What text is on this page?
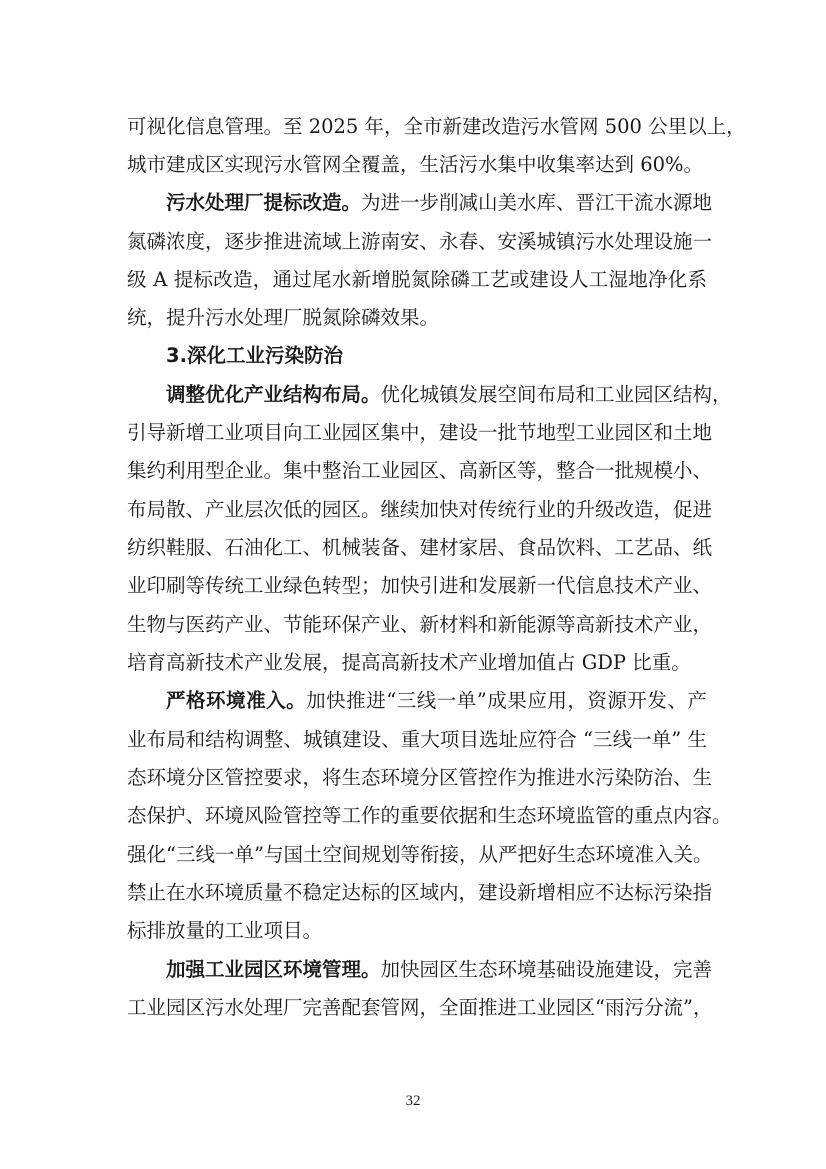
可视化信息管理。至 2025 年，全市新建改造污水管网 500 公里以上，
城市建成区实现污水管网全覆盖，生活污水集中收集率达到 60%。
污水处理厂提标改造。为进一步削减山美水库、晋江干流水源地
氮磷浓度，逐步推进流域上游南安、永春、安溪城镇污水处理设施一
级 A 提标改造，通过尾水新增脱氮除磷工艺或建设人工湿地净化系
统，提升污水处理厂脱氮除磷效果。
3.深化工业污染防治
调整优化产业结构布局。优化城镇发展空间布局和工业园区结构，
引导新增工业项目向工业园区集中，建设一批节地型工业园区和土地
集约利用型企业。集中整治工业园区、高新区等，整合一批规模小、
布局散、产业层次低的园区。继续加快对传统行业的升级改造，促进
纺织鞋服、石油化工、机械装备、建材家居、食品饮料、工艺品、纸
业印刷等传统工业绿色转型；加快引进和发展新一代信息技术产业、
生物与医药产业、节能环保产业、新材料和新能源等高新技术产业，
培育高新技术产业发展，提高高新技术产业增加值占 GDP 比重。
严格环境准入。加快推进“三线一单”成果应用，资源开发、产
业布局和结构调整、城镇建设、重大项目选址应符合 “三线一单” 生
态环境分区管控要求，将生态环境分区管控作为推进水污染防治、生
态保护、环境风险管控等工作的重要依据和生态环境监管的重点内容。
强化“三线一单”与国土空间规划等衔接，从严把好生态环境准入关。
禁止在水环境质量不稳定达标的区域内，建设新增相应不达标污染指
标排放量的工业项目。
加强工业园区环境管理。加快园区生态环境基础设施建设，完善
工业园区污水处理厂完善配套管网，全面推进工业园区“雨污分流”，
32
